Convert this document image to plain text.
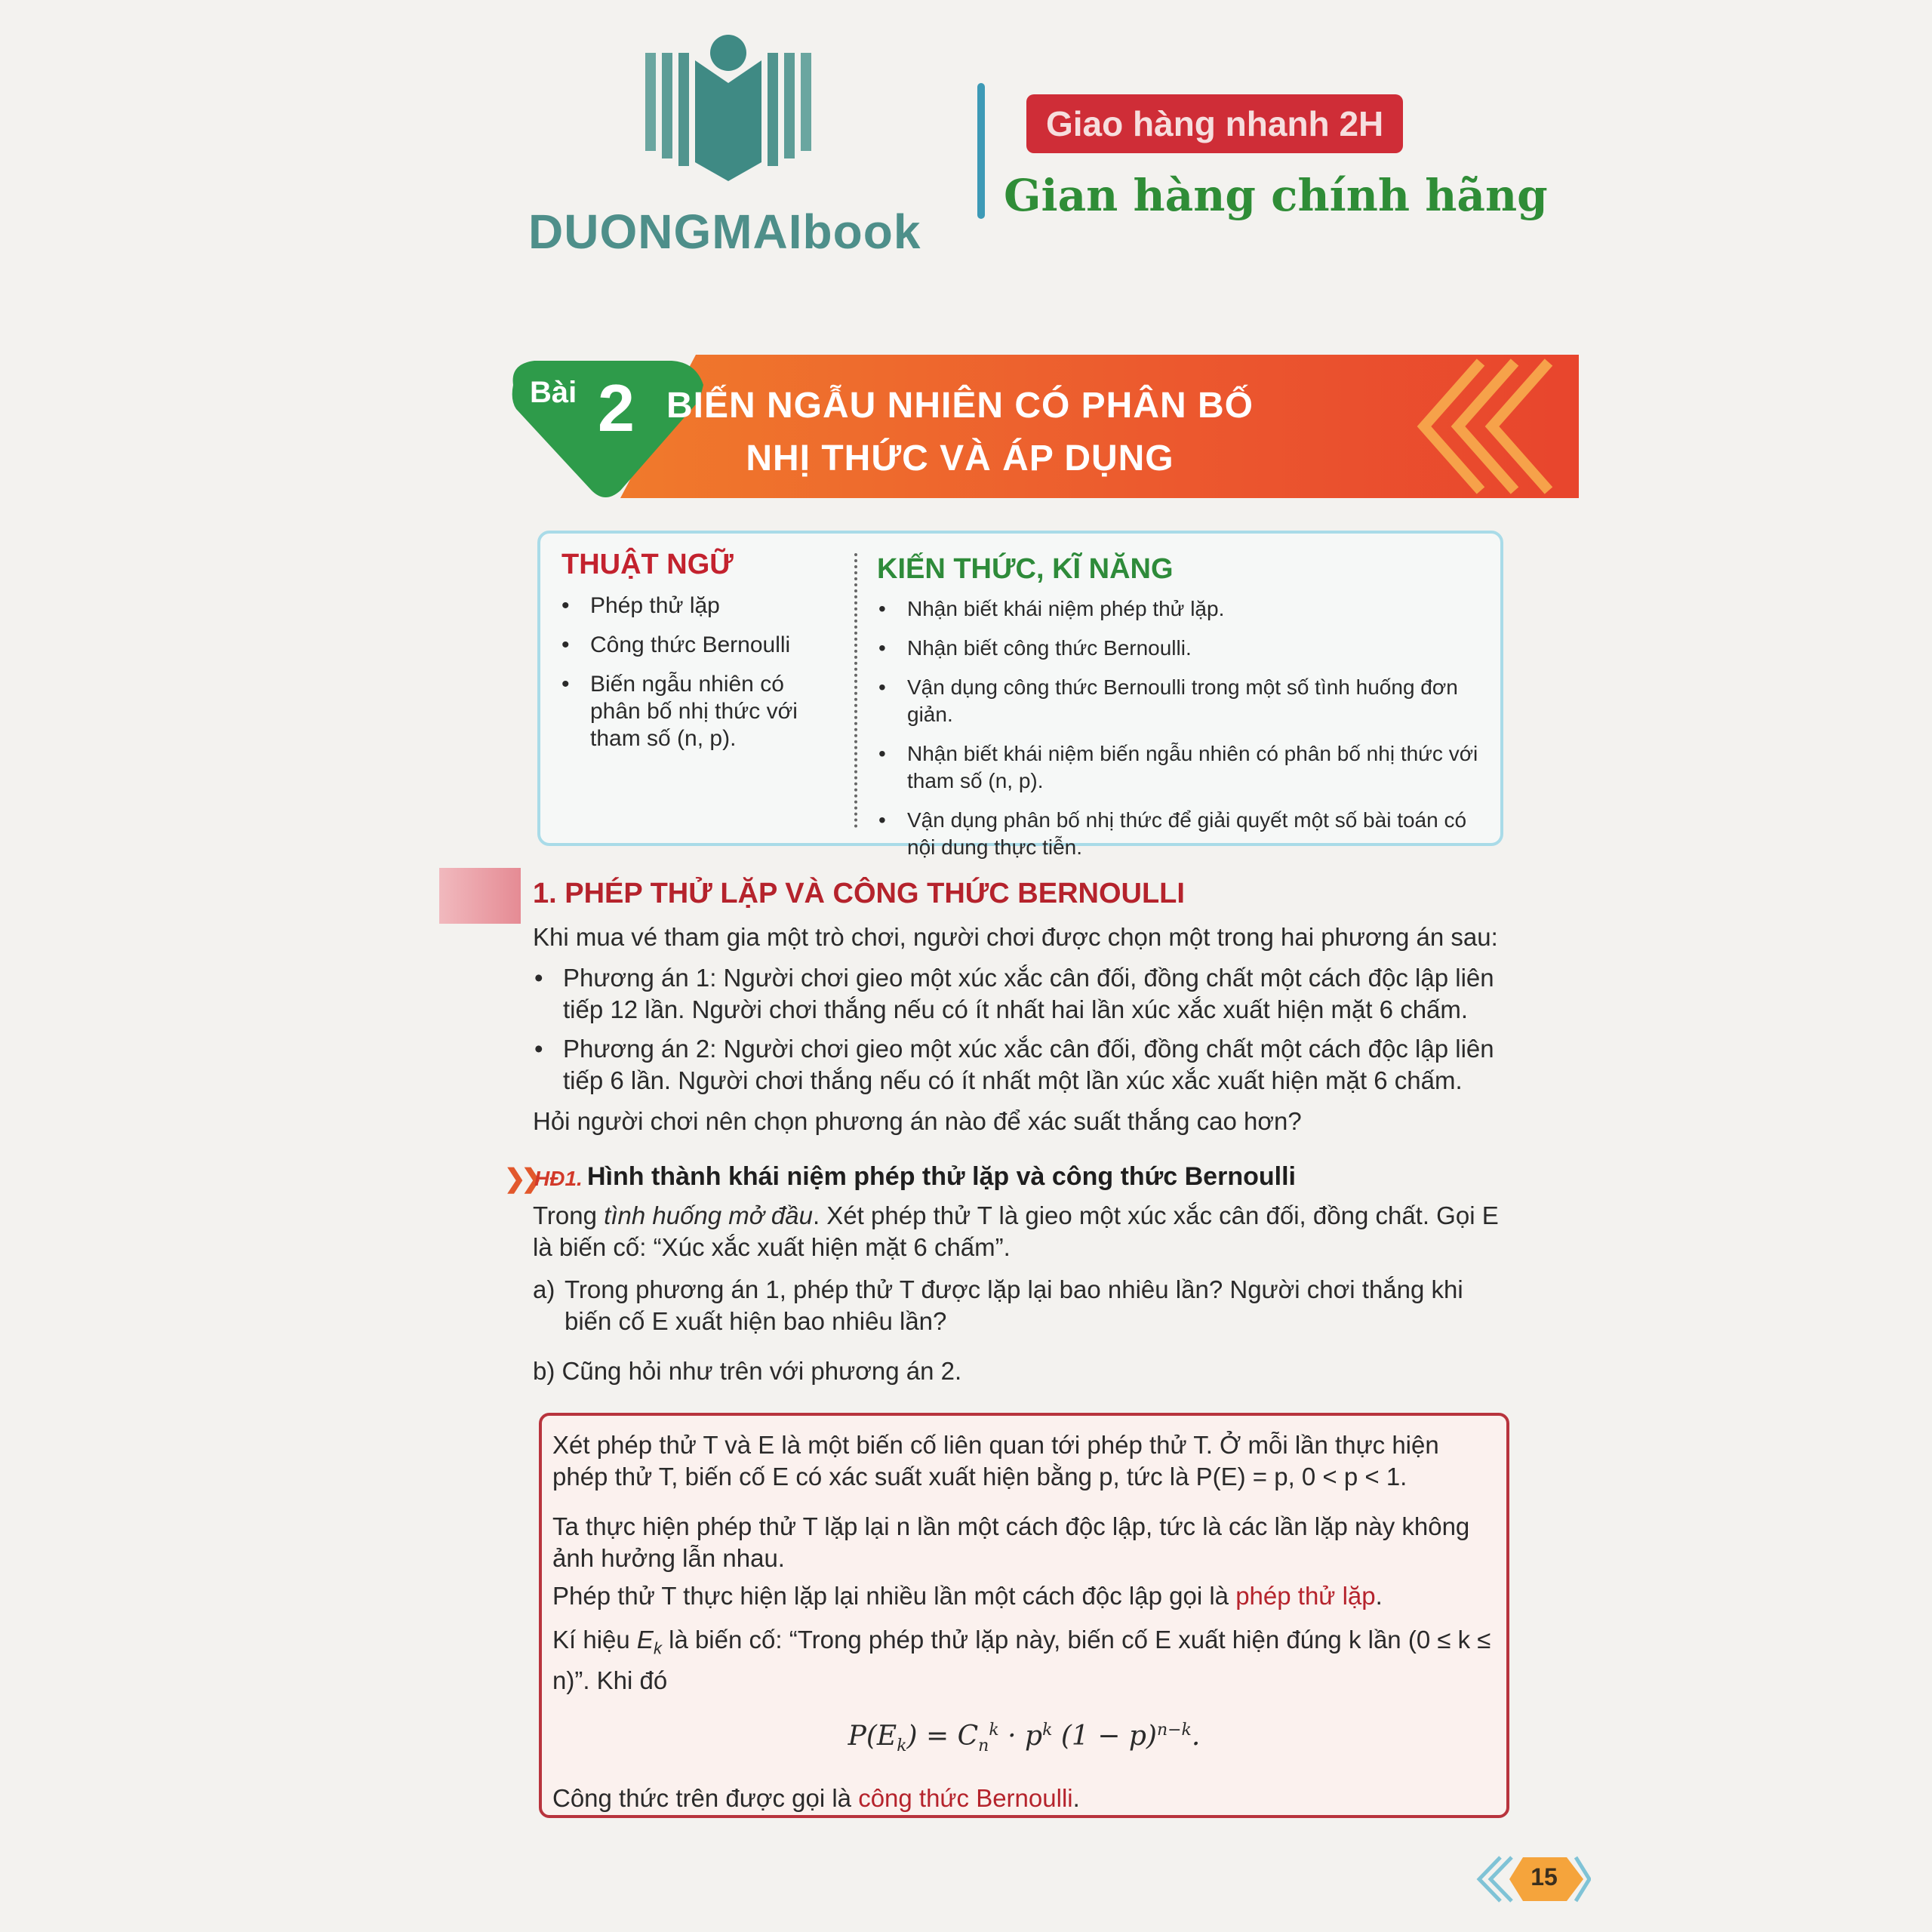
DUONGMAIbook
Giao hàng nhanh 2H
Gian hàng chính hãng
Bài 2 BIẾN NGẪU NHIÊN CÓ PHÂN BỐ
NHỊ THỨC VÀ ÁP DỤNG
THUẬT NGỮ
• Phép thử lặp
• Công thức Bernoulli
• Biến ngẫu nhiên có phân bố nhị thức với tham số (n, p).
KIẾN THỨC, KĨ NĂNG
• Nhận biết khái niệm phép thử lặp.
• Nhận biết công thức Bernoulli.
• Vận dụng công thức Bernoulli trong một số tình huống đơn giản.
• Nhận biết khái niệm biến ngẫu nhiên có phân bố nhị thức với tham số (n, p).
• Vận dụng phân bố nhị thức để giải quyết một số bài toán có nội dung thực tiễn.
1. PHÉP THỬ LẶP VÀ CÔNG THỨC BERNOULLI
Khi mua vé tham gia một trò chơi, người chơi được chọn một trong hai phương án sau:
• Phương án 1: Người chơi gieo một xúc xắc cân đối, đồng chất một cách độc lập liên tiếp 12 lần. Người chơi thắng nếu có ít nhất hai lần xúc xắc xuất hiện mặt 6 chấm.
• Phương án 2: Người chơi gieo một xúc xắc cân đối, đồng chất một cách độc lập liên tiếp 6 lần. Người chơi thắng nếu có ít nhất một lần xúc xắc xuất hiện mặt 6 chấm.
Hỏi người chơi nên chọn phương án nào để xác suất thắng cao hơn?
❯❯
HĐ1. Hình thành khái niệm phép thử lặp và công thức Bernoulli
Trong tình huống mở đầu. Xét phép thử T là gieo một xúc xắc cân đối, đồng chất. Gọi E là biến cố: “Xúc xắc xuất hiện mặt 6 chấm”.
a) Trong phương án 1, phép thử T được lặp lại bao nhiêu lần? Người chơi thắng khi biến cố E xuất hiện bao nhiêu lần?
b) Cũng hỏi như trên với phương án 2.
Xét phép thử T và E là một biến cố liên quan tới phép thử T. Ở mỗi lần thực hiện phép thử T, biến cố E có xác suất xuất hiện bằng p, tức là P(E) = p, 0 < p < 1.
Ta thực hiện phép thử T lặp lại n lần một cách độc lập, tức là các lần lặp này không ảnh hưởng lẫn nhau.
Phép thử T thực hiện lặp lại nhiều lần một cách độc lập gọi là phép thử lặp.
Kí hiệu $E_k$ là biến cố: “Trong phép thử lặp này, biến cố E xuất hiện đúng k lần (0 ≤ k ≤ n)”. Khi đó
$P(E_k) = C_n^k \cdot p^k$ $(1 - p)^{n-k}$.
Công thức trên được gọi là công thức Bernoulli.
15
